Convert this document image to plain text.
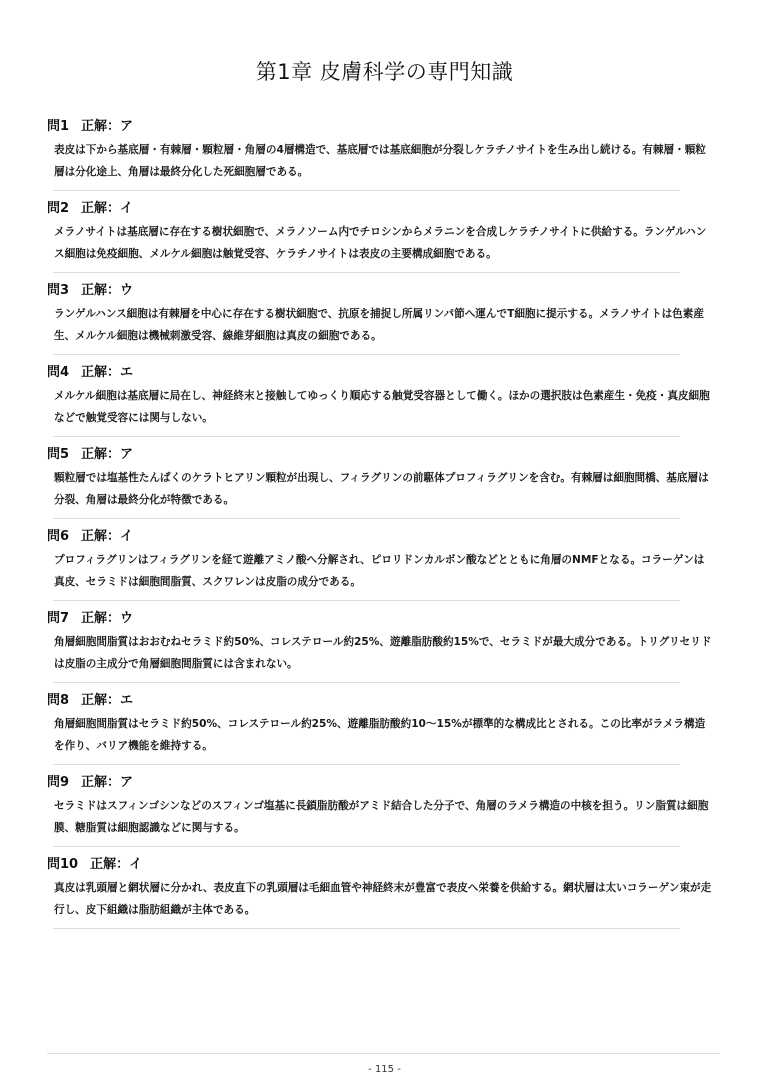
第1章 皮膚科学の専門知識
問1 正解：ア

表皮は下から基底層・有棘層・顆粒層・角層の4層構造で、基底層では基底細胞が分裂しケラチノサイトを生み出し続ける。有棘層・顆粒層は分化途上、角層は最終分化した死細胞層である。

問2 正解：イ

メラノサイトは基底層に存在する樹状細胞で、メラノソーム内でチロシンからメラニンを合成しケラチノサイトに供給する。ランゲルハンス細胞は免疫細胞、メルケル細胞は触覚受容、ケラチノサイトは表皮の主要構成細胞である。

問3 正解：ウ

ランゲルハンス細胞は有棘層を中心に存在する樹状細胞で、抗原を捕捉し所属リンパ節へ運んでT細胞に提示する。メラノサイトは色素産生、メルケル細胞は機械刺激受容、線維芽細胞は真皮の細胞である。

問4 正解：エ

メルケル細胞は基底層に局在し、神経終末と接触してゆっくり順応する触覚受容器として働く。ほかの選択肢は色素産生・免疫・真皮細胞などで触覚受容には関与しない。

問5 正解：ア

顆粒層では塩基性たんぱくのケラトヒアリン顆粒が出現し、フィラグリンの前駆体プロフィラグリンを含む。有棘層は細胞間橋、基底層は分裂、角層は最終分化が特徴である。

問6 正解：イ

プロフィラグリンはフィラグリンを経て遊離アミノ酸へ分解され、ピロリドンカルボン酸などとともに角層のNMFとなる。コラーゲンは真皮、セラミドは細胞間脂質、スクワレンは皮脂の成分である。

問7 正解：ウ

角層細胞間脂質はおおむねセラミド約50%、コレステロール約25%、遊離脂肪酸約15%で、セラミドが最大成分である。トリグリセリドは皮脂の主成分で角層細胞間脂質には含まれない。

問8 正解：エ

角層細胞間脂質はセラミド約50%、コレステロール約25%、遊離脂肪酸約10〜15%が標準的な構成比とされる。この比率がラメラ構造を作り、バリア機能を維持する。

問9 正解：ア

セラミドはスフィンゴシンなどのスフィンゴ塩基に長鎖脂肪酸がアミド結合した分子で、角層のラメラ構造の中核を担う。リン脂質は細胞膜、糖脂質は細胞認識などに関与する。

問10 正解：イ

真皮は乳頭層と網状層に分かれ、表皮直下の乳頭層は毛細血管や神経終末が豊富で表皮へ栄養を供給する。網状層は太いコラーゲン束が走行し、皮下組織は脂肪組織が主体である。

- 115 -
